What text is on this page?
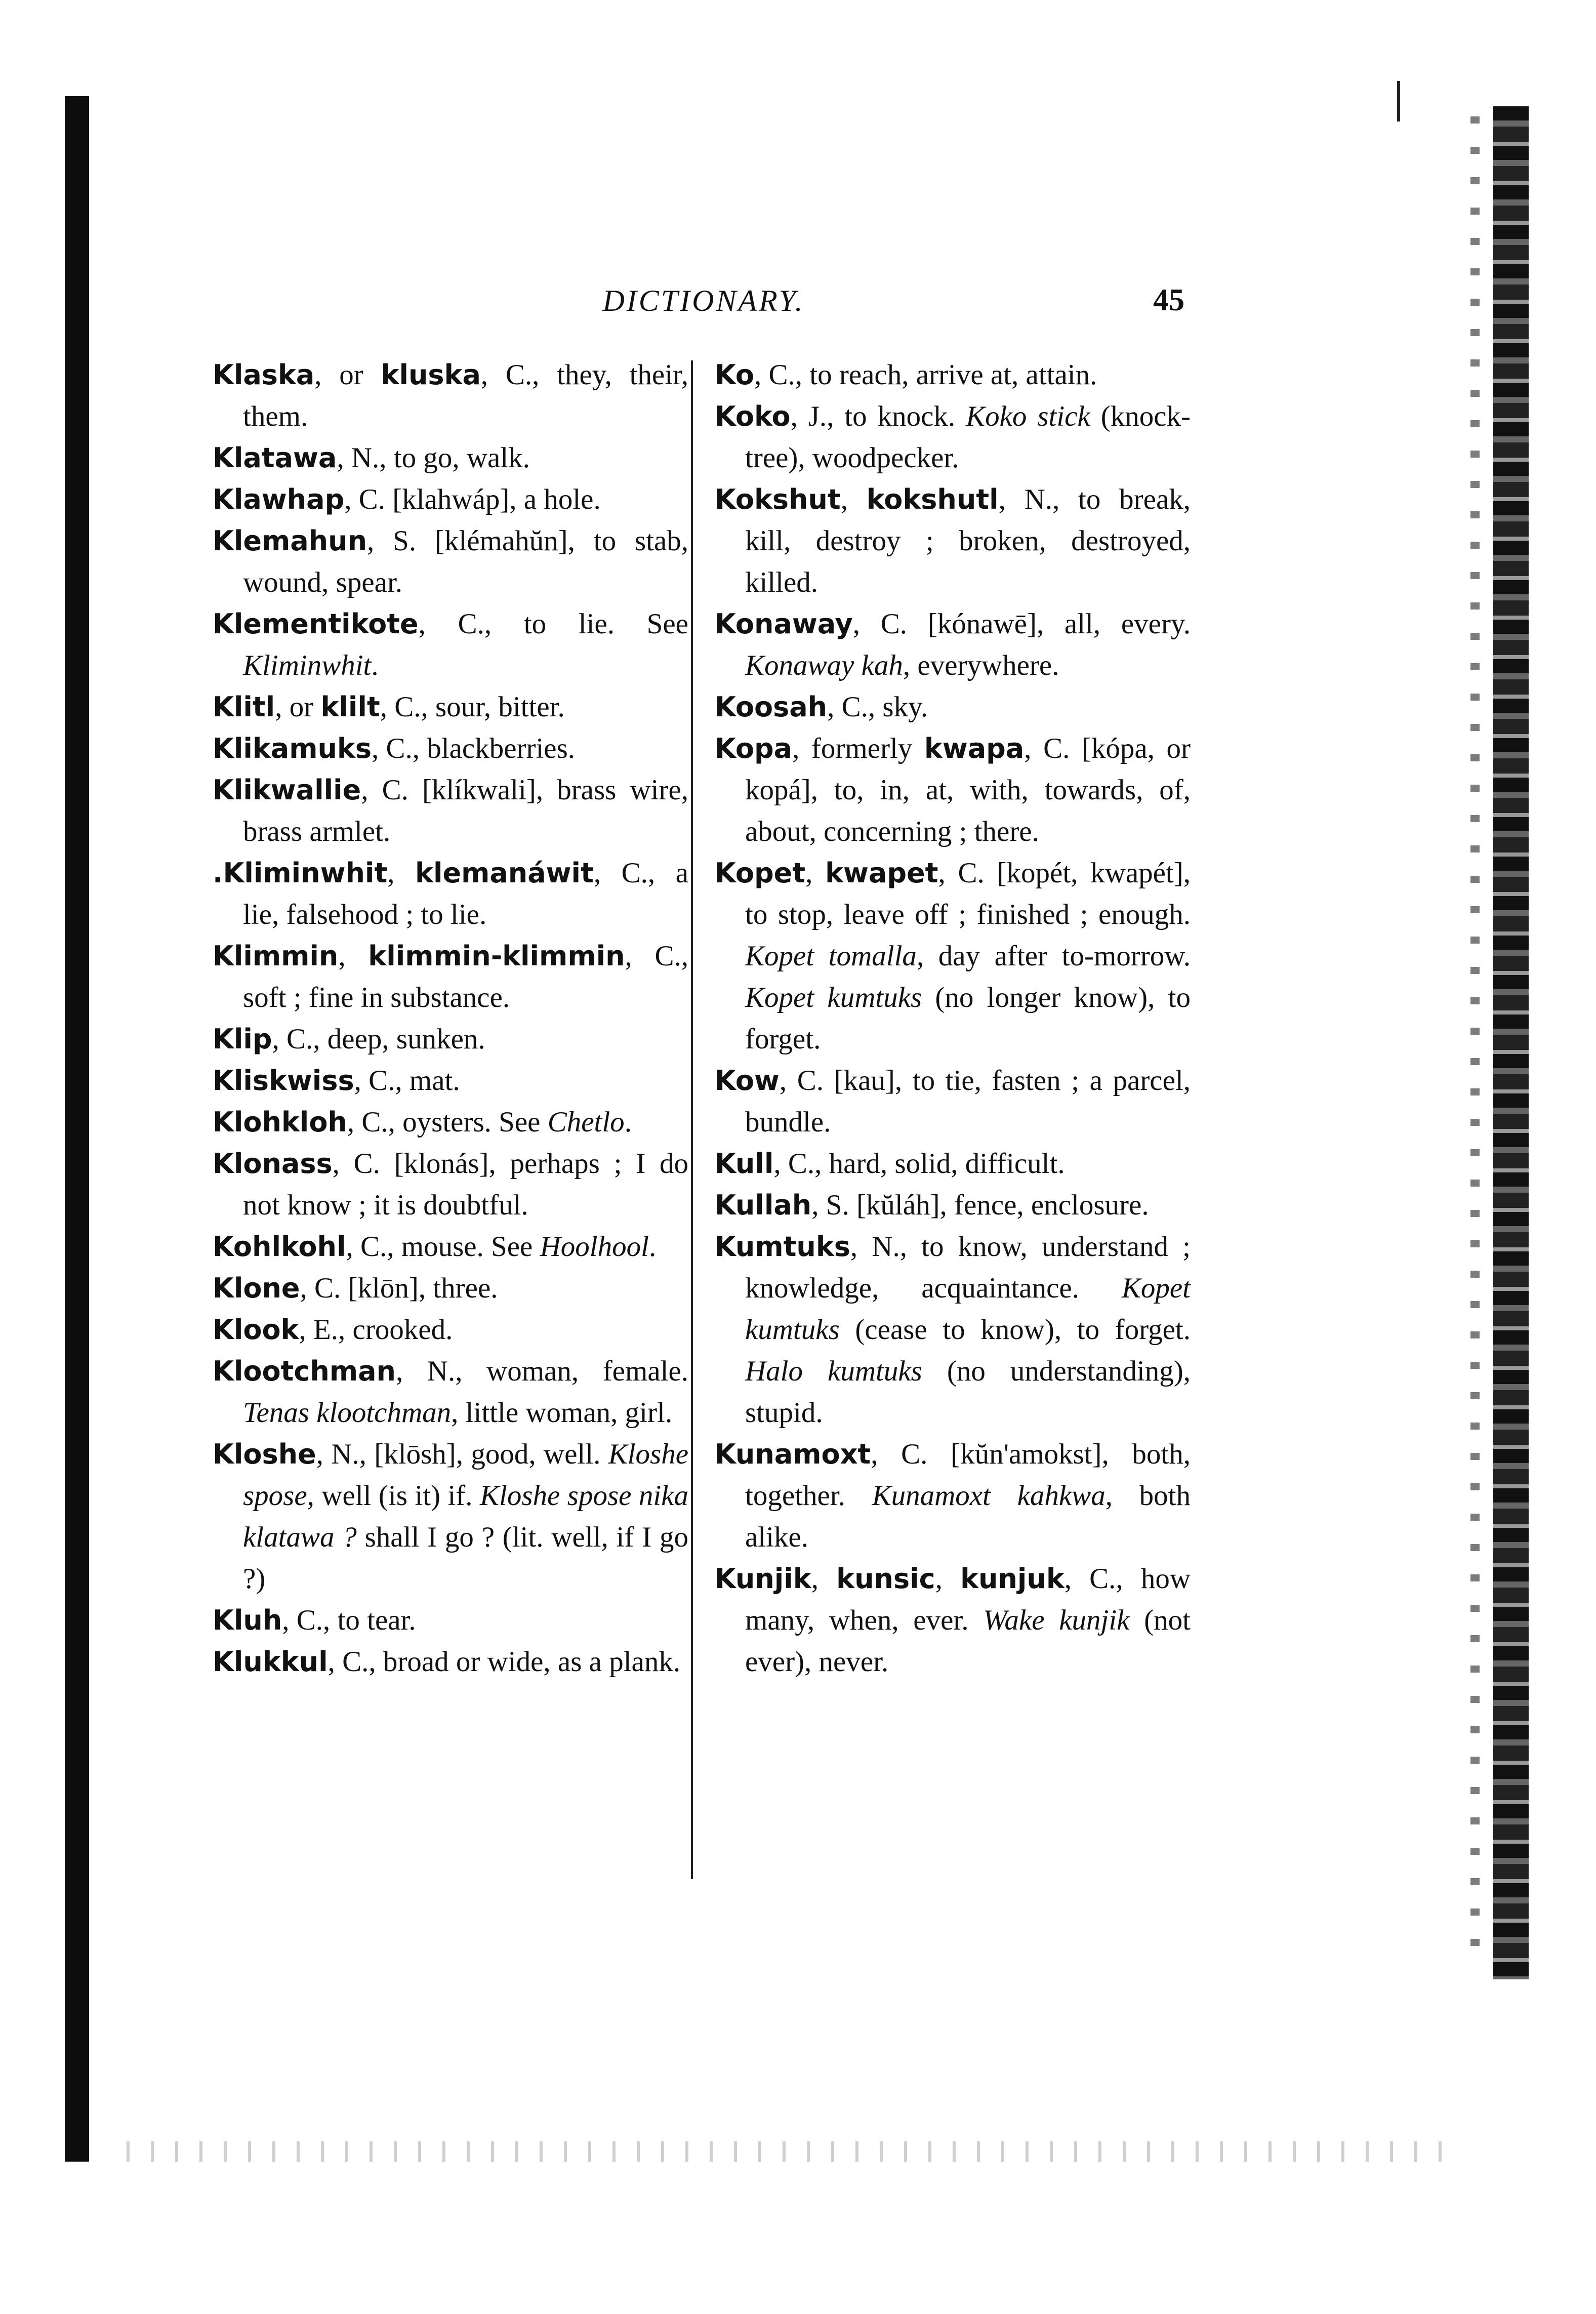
DICTIONARY.	45

Klaska, or kluska, C., they, their, them.

Klatawa, N., to go, walk.

Klawhap, C. [klahwáp], a hole.

Klemahun, S. [klémahŭn], to stab, wound, spear.

Klementikote, C., to lie. See Kliminwhit.

Klitl, or klilt, C., sour, bitter.

Klikamuks, C., blackberries.

Klikwallie, C. [klíkwali], brass wire, brass armlet.

.Kliminwhit, klemanáwit, C., a lie, falsehood ; to lie.

Klimmin, klimmin-klimmin, C., soft ; fine in substance.

Klip, C., deep, sunken.

Kliskwiss, C., mat.

Klohkloh, C., oysters. See Chetlo.

Klonass, C. [klonás], perhaps ; I do not know ; it is doubtful.

Kohlkohl, C., mouse. See Hoolhool.

Klone, C. [klōn], three.

Klook, E., crooked.

Klootchman, N., woman, female. Tenas klootchman, little woman, girl.

Kloshe, N., [klōsh], good, well. Kloshe spose, well (is it) if. Kloshe spose nika klatawa ? shall I go ? (lit. well, if I go ?)

Kluh, C., to tear.

Klukkul, C., broad or wide, as a plank.

Ko, C., to reach, arrive at, attain.

Koko, J., to knock. Koko stick (knock-tree), woodpecker.

Kokshut, kokshutl, N., to break, kill, destroy ; broken, destroyed, killed.

Konaway, C. [kónawē], all, every. Konaway kah, everywhere.

Koosah, C., sky.

Kopa, formerly kwapa, C. [kópa, or kopá], to, in, at, with, towards, of, about, concerning ; there.

Kopet, kwapet, C. [kopét, kwapét], to stop, leave off ; finished ; enough. Kopet tomalla, day after to-morrow. Kopet kumtuks (no longer know), to forget.

Kow, C. [kau], to tie, fasten ; a parcel, bundle.

Kull, C., hard, solid, difficult.

Kullah, S. [kŭláh], fence, enclosure.

Kumtuks, N., to know, understand ; knowledge, acquaintance. Kopet kumtuks (cease to know), to forget. Halo kumtuks (no understanding), stupid.

Kunamoxt, C. [kŭn'amokst], both, together. Kunamoxt kahkwa, both alike.

Kunjik, kunsic, kunjuk, C., how many, when, ever. Wake kunjik (not ever), never.
